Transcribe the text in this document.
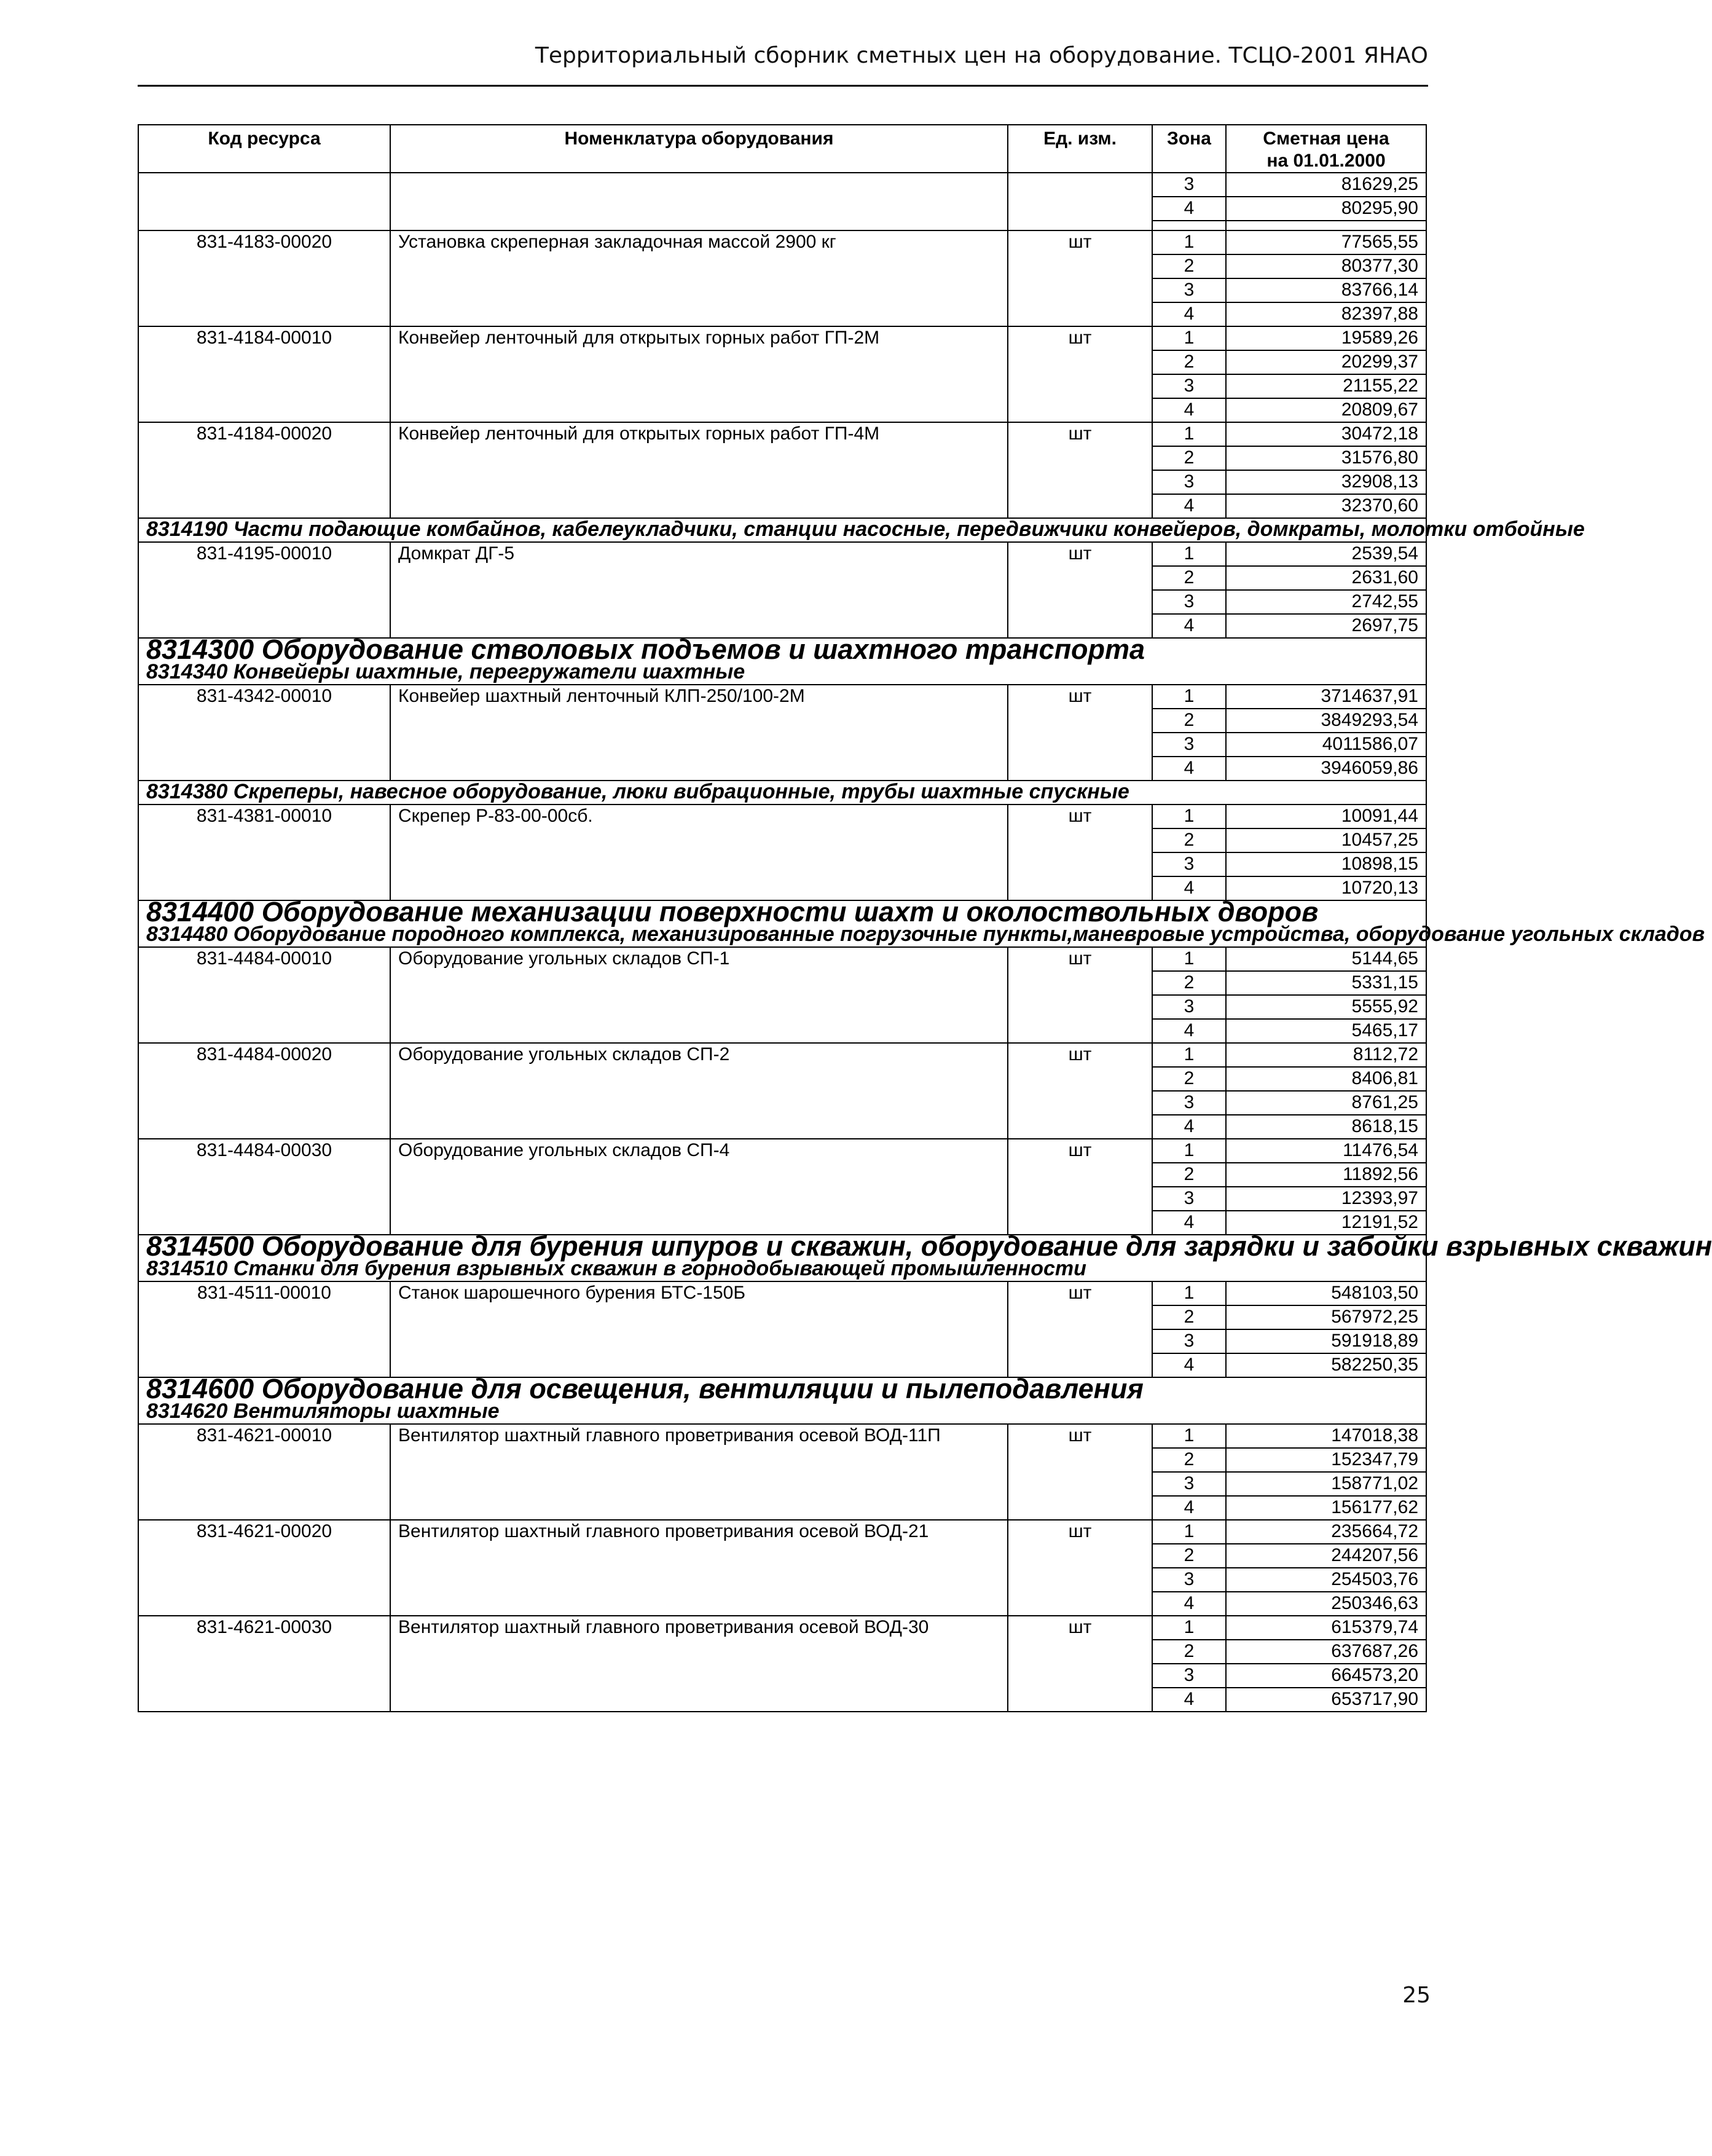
Территориальный сборник сметных цен на оборудование. ТСЦО-2001 ЯНАО
Код ресурса	Номенклатура оборудования	Ед. изм.	Зона	Сметная цена
на 01.01.2000
			3	81629,25
			4	80295,90

831-4183-00020	Установка скреперная закладочная массой 2900 кг	шт	1	77565,55
			2	80377,30
			3	83766,14
			4	82397,88
831-4184-00010	Конвейер ленточный для открытых горных работ ГП-2М	шт	1	19589,26
			2	20299,37
			3	21155,22
			4	20809,67
831-4184-00020	Конвейер ленточный для открытых горных работ ГП-4М	шт	1	30472,18
			2	31576,80
			3	32908,13
			4	32370,60
8314190 Части подающие комбайнов, кабелеукладчики, станции насосные, передвижчики конвейеров, домкраты, молотки отбойные				
831-4195-00010	Домкрат ДГ-5	шт	1	2539,54
			2	2631,60
			3	2742,55
			4	2697,75
8314300 Оборудование стволовых подъемов и шахтного транспорта				
8314340 Конвейеры шахтные, перегружатели шахтные				
831-4342-00010	Конвейер шахтный ленточный КЛП-250/100-2М	шт	1	3714637,91
			2	3849293,54
			3	4011586,07
			4	3946059,86
8314380 Скреперы, навесное оборудование, люки вибрационные, трубы шахтные спускные				
831-4381-00010	Скрепер Р-83-00-00сб.	шт	1	10091,44
			2	10457,25
			3	10898,15
			4	10720,13
8314400 Оборудование механизации поверхности шахт и околоствольных дворов				
8314480 Оборудование породного комплекса, механизированные погрузочные пункты,маневровые устройства, оборудование угольных складов				
831-4484-00010	Оборудование угольных складов СП-1	шт	1	5144,65
			2	5331,15
			3	5555,92
			4	5465,17
831-4484-00020	Оборудование угольных складов СП-2	шт	1	8112,72
			2	8406,81
			3	8761,25
			4	8618,15
831-4484-00030	Оборудование угольных складов СП-4	шт	1	11476,54
			2	11892,56
			3	12393,97
			4	12191,52
8314500 Оборудование для бурения шпуров и скважин, оборудование для зарядки и забойки взрывных скважин				
8314510 Станки для бурения взрывных скважин в горнодобывающей промышленности				
831-4511-00010	Станок шарошечного бурения БТС-150Б	шт	1	548103,50
			2	567972,25
			3	591918,89
			4	582250,35
8314600 Оборудование для освещения, вентиляции и пылеподавления				
8314620 Вентиляторы шахтные				
831-4621-00010	Вентилятор шахтный главного проветривания осевой ВОД-11П	шт	1	147018,38
			2	152347,79
			3	158771,02
			4	156177,62
831-4621-00020	Вентилятор шахтный главного проветривания осевой ВОД-21	шт	1	235664,72
			2	244207,56
			3	254503,76
			4	250346,63
831-4621-00030	Вентилятор шахтный главного проветривания осевой ВОД-30	шт	1	615379,74
			2	637687,26
			3	664573,20
			4	653717,90
25
